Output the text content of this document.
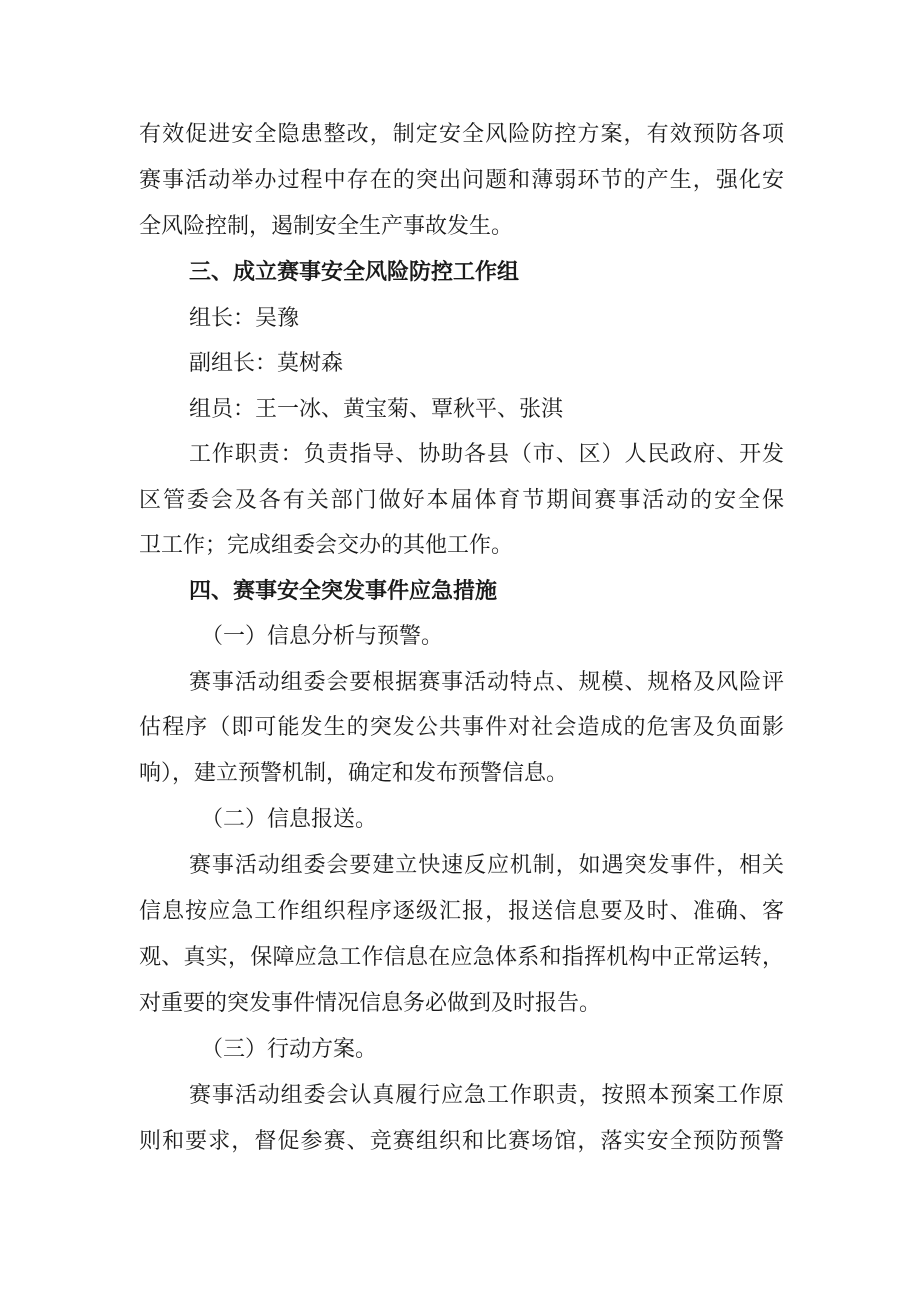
有效促进安全隐患整改，制定安全风险防控方案，有效预防各项
赛事活动举办过程中存在的突出问题和薄弱环节的产生，强化安
全风险控制，遏制安全生产事故发生。
三、成立赛事安全风险防控工作组
组长：吴豫
副组长：莫树森
组员：王一冰、黄宝菊、覃秋平、张淇
工作职责：负责指导、协助各县（市、区）人民政府、开发
区管委会及各有关部门做好本届体育节期间赛事活动的安全保
卫工作；完成组委会交办的其他工作。
四、赛事安全突发事件应急措施
（一）信息分析与预警。
赛事活动组委会要根据赛事活动特点、规模、规格及风险评
估程序（即可能发生的突发公共事件对社会造成的危害及负面影
响），建立预警机制，确定和发布预警信息。
（二）信息报送。
赛事活动组委会要建立快速反应机制，如遇突发事件，相关
信息按应急工作组织程序逐级汇报，报送信息要及时、准确、客
观、真实，保障应急工作信息在应急体系和指挥机构中正常运转，
对重要的突发事件情况信息务必做到及时报告。
（三）行动方案。
赛事活动组委会认真履行应急工作职责，按照本预案工作原
则和要求，督促参赛、竞赛组织和比赛场馆，落实安全预防预警
